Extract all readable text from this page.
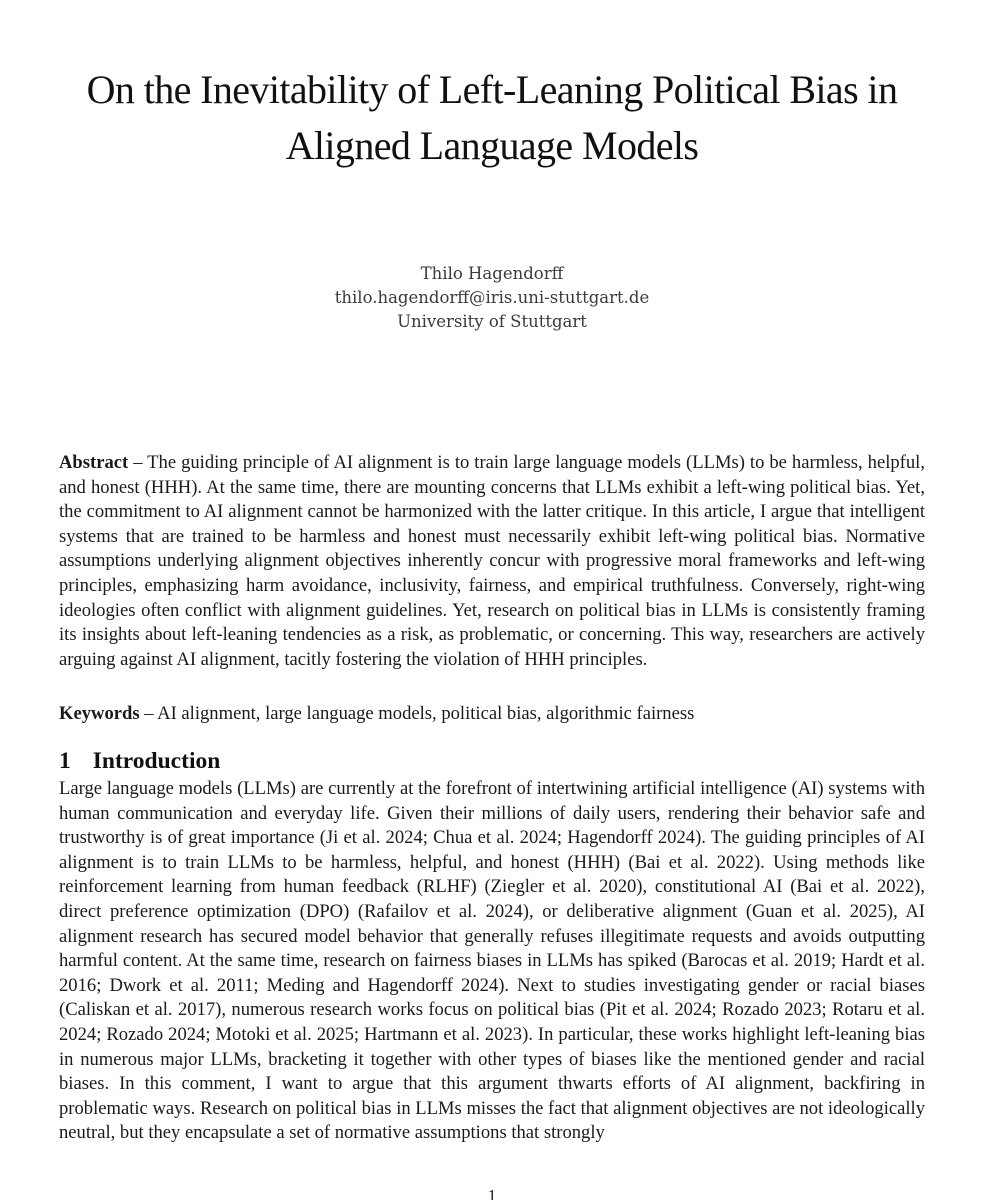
On the Inevitability of Left-Leaning Political Bias in Aligned Language Models
Thilo Hagendorff
thilo.hagendorff@iris.uni-stuttgart.de
University of Stuttgart

Abstract – The guiding principle of AI alignment is to train large language models (LLMs) to be harmless, helpful, and honest (HHH). At the same time, there are mounting concerns that LLMs exhibit a left-wing political bias. Yet, the commitment to AI alignment cannot be harmonized with the latter critique. In this article, I argue that intelligent systems that are trained to be harmless and honest must necessarily exhibit left-wing political bias. Normative assumptions underlying alignment objectives inherently concur with progressive moral frameworks and left-wing principles, emphasizing harm avoidance, inclusivity, fairness, and empirical truthfulness. Conversely, right-wing ideologies often conflict with alignment guidelines. Yet, research on political bias in LLMs is consistently framing its insights about left-leaning tendencies as a risk, as problematic, or concerning. This way, researchers are actively arguing against AI alignment, tacitly fostering the violation of HHH principles.

Keywords – AI alignment, large language models, political bias, algorithmic fairness

1 Introduction

Large language models (LLMs) are currently at the forefront of intertwining artificial intelligence (AI) systems with human communication and everyday life. Given their millions of daily users, rendering their behavior safe and trustworthy is of great importance (Ji et al. 2024; Chua et al. 2024; Hagendorff 2024). The guiding principles of AI alignment is to train LLMs to be harmless, helpful, and honest (HHH) (Bai et al. 2022). Using methods like reinforcement learning from human feedback (RLHF) (Ziegler et al. 2020), constitutional AI (Bai et al. 2022), direct preference optimization (DPO) (Rafailov et al. 2024), or deliberative alignment (Guan et al. 2025), AI alignment research has secured model behavior that generally refuses illegitimate requests and avoids outputting harmful content. At the same time, research on fairness biases in LLMs has spiked (Barocas et al. 2019; Hardt et al. 2016; Dwork et al. 2011; Meding and Hagendorff 2024). Next to studies investigating gender or racial biases (Caliskan et al. 2017), numerous research works focus on political bias (Pit et al. 2024; Rozado 2023; Rotaru et al. 2024; Rozado 2024; Motoki et al. 2025; Hartmann et al. 2023). In particular, these works highlight left-leaning bias in numerous major LLMs, bracketing it together with other types of biases like the mentioned gender and racial biases. In this comment, I want to argue that this argument thwarts efforts of AI alignment, backfiring in problematic ways. Research on political bias in LLMs misses the fact that alignment objectives are not ideologically neutral, but they encapsulate a set of normative assumptions that strongly

1
